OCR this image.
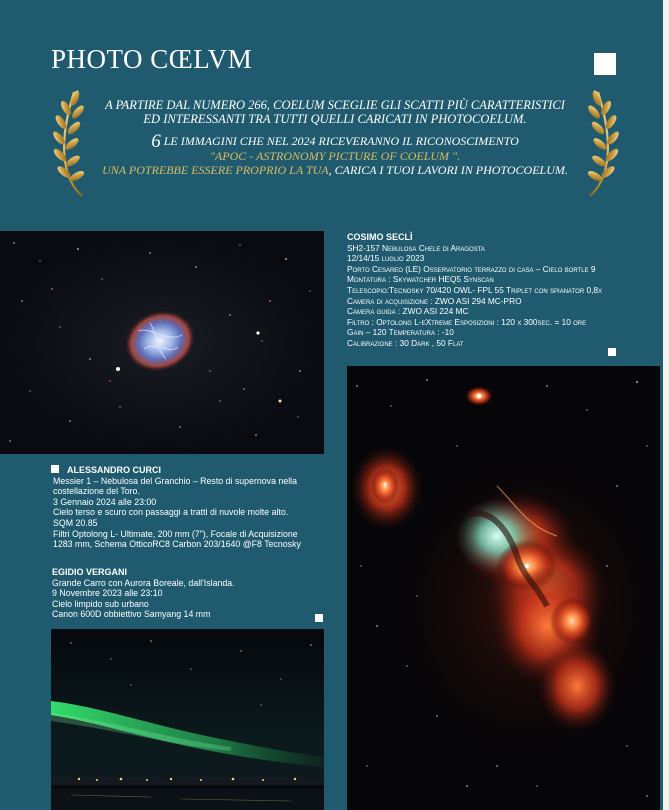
PHOTO CŒLVM
A PARTIRE DAL NUMERO 266, COELUM SCEGLIE GLI SCATTI PIÙ CARATTERISTICI
ED INTERESSANTI TRA TUTTI QUELLI CARICATI IN PHOTOCOELUM.
6 LE IMMAGINI CHE NEL 2024 RICEVERANNO IL RICONOSCIMENTO
"APOC - ASTRONOMY PICTURE OF COELUM ".
UNA POTREBBE ESSERE PROPRIO LA TUA, CARICA I TUOI LAVORI IN PHOTOCOELUM.
ALESSANDRO CURCI
Messier 1 – Nebulosa del Granchio – Resto di supernova nella
costellazione del Toro.
3 Gennaio 2024 alle 23:00
Cielo terso e scuro con passaggi a tratti di nuvole molte alto.
SQM 20.85
Filtri Optolong L- Ultimate, 200 mm (7"), Focale di Acquisizione
1283 mm, Schema OtticoRC8 Carbon 203/1640 @F8 Tecnosky
EGIDIO VERGANI
Grande Carro con Aurora Boreale, dall'Islanda.
9 Novembre 2023 alle 23:10
Cielo limpido sub urbano
Canon 600D obbiettivo Samyang 14 mm
COSIMO SECLÌ
SH2-157 Nebulosa Chele di Aragosta
12/14/15 luglio 2023
Porto Cesareo (LE) Osservatorio terrazzo di casa – Cielo bortle 9
Montatura : Skywatcher HEQ5 Synscan
Telescopio:Tecnosky 70/420 OWL- FPL 55 Triplet con spianator 0,8x
Camera di acquisizione : ZWO ASI 294 MC-PRO
Camera guida : ZWO ASI 224 MC
Filtro : Optolong L-eXtreme Esposizioni : 120 x 300sec. = 10 ore
Gain – 120 Temperatura : -10
Calibrazione : 30 Dark , 50 Flat
